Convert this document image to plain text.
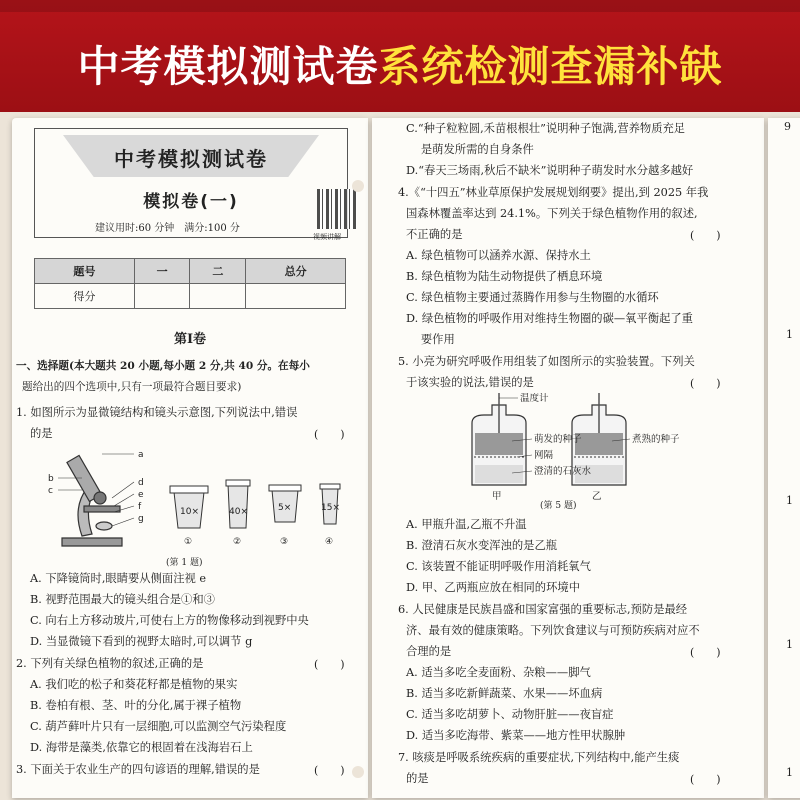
中考模拟测试卷系统检测查漏补缺
中考模拟测试卷
模拟卷(一)
建议用时:60 分钟　满分:100 分
视频讲解
题号	一	二	总分
得分			
第Ⅰ卷
一、选择题(本大题共 20 小题,每小题 2 分,共 40 分。在每小
题给出的四个选项中,只有一项最符合题目要求)
1. 如图所示为显微镜结构和镜头示意图,下列说法中,错误
的是	(　　)
a
b
c
d
e
f
g
10×	40×	5×	15×
①	②	③	④
(第 1 题)
A. 下降镜筒时,眼睛要从侧面注视 e
B. 视野范围最大的镜头组合是①和③
C. 向右上方移动玻片,可使右上方的物像移动到视野中央
D. 当显微镜下看到的视野太暗时,可以调节 g
2. 下列有关绿色植物的叙述,正确的是	(　　)
A. 我们吃的松子和葵花籽都是植物的果实
B. 卷柏有根、茎、叶的分化,属于裸子植物
C. 葫芦藓叶片只有一层细胞,可以监测空气污染程度
D. 海带是藻类,依靠它的根固着在浅海岩石上
3. 下面关于农业生产的四句谚语的理解,错误的是	(　　)
C.“种子粒粒圆,禾苗根根壮”说明种子饱满,营养物质充足
　 是萌发所需的自身条件
D.“春天三场雨,秋后不缺米”说明种子萌发时水分越多越好
4.《“十四五”林业草原保护发展规划纲要》提出,到 2025 年我
国森林覆盖率达到 24.1%。下列关于绿色植物作用的叙述,
不正确的是	(　　)
A. 绿色植物可以涵养水源、保持水土
B. 绿色植物为陆生动物提供了栖息环境
C. 绿色植物主要通过蒸腾作用参与生物圈的水循环
D. 绿色植物的呼吸作用对维持生物圈的碳—氧平衡起了重
　 要作用
5. 小亮为研究呼吸作用组装了如图所示的实验装置。下列关
于该实验的说法,错误的是	(　　)
温度计
萌发的种子
网隔
澄清的石灰水
煮熟的种子
甲	乙
(第 5 题)
A. 甲瓶升温,乙瓶不升温
B. 澄清石灰水变浑浊的是乙瓶
C. 该装置不能证明呼吸作用消耗氧气
D. 甲、乙两瓶应放在相同的环境中
6. 人民健康是民族昌盛和国家富强的重要标志,预防是最经
济、最有效的健康策略。下列饮食建议与可预防疾病对应不
合理的是	(　　)
A. 适当多吃全麦面粉、杂粮——脚气
B. 适当多吃新鲜蔬菜、水果——坏血病
C. 适当多吃胡萝卜、动物肝脏——夜盲症
D. 适当多吃海带、紫菜——地方性甲状腺肿
7. 咳痰是呼吸系统疾病的重要症状,下列结构中,能产生痰
的是	(　　)
9
1
1
1
1
